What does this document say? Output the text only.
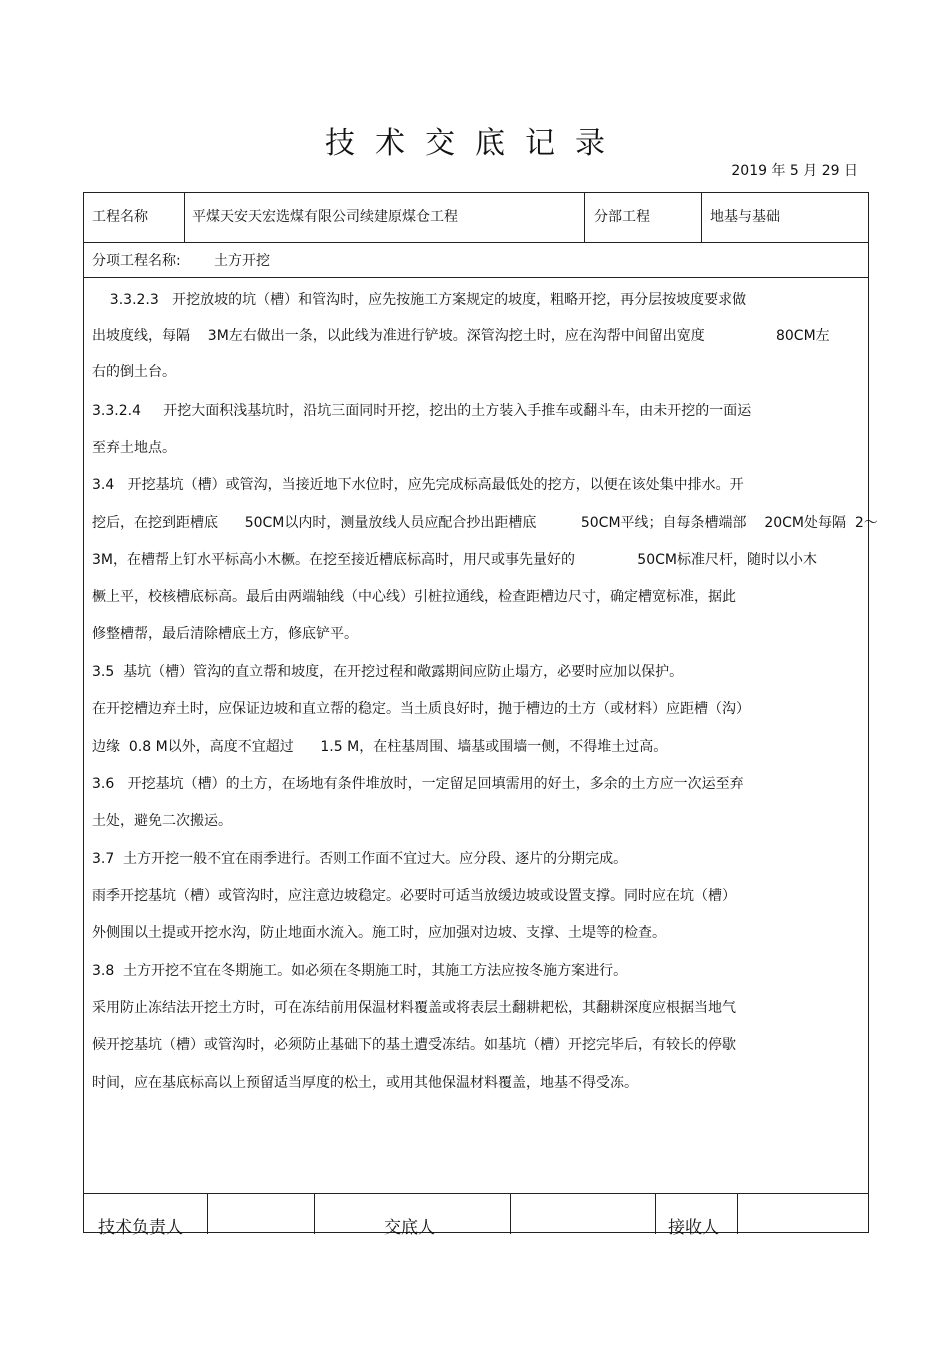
技术交底记录
2019 年 5 月 29 日
工程名称	平煤天安天宏选煤有限公司续建原煤仓工程	分部工程	地基与基础
分项工程名称: 土方开挖
3.3.2.3   开挖放坡的坑（槽）和管沟时，应先按施工方案规定的坡度，粗略开挖，再分层按坡度要求做
出坡度线，每隔    3M左右做出一条，以此线为准进行铲坡。深管沟挖土时，应在沟帮中间留出宽度                80CM左
右的倒土台。
3.3.2.4     开挖大面积浅基坑时，沿坑三面同时开挖，挖出的土方装入手推车或翻斗车，由未开挖的一面运
至弃土地点。
3.4   开挖基坑（槽）或管沟，当接近地下水位时，应先完成标高最低处的挖方，以便在该处集中排水。开
挖后，在挖到距槽底      50CM以内时，测量放线人员应配合抄出距槽底          50CM平线；自每条槽端部    20CM处每隔  2～
3M，在槽帮上钉水平标高小木橛。在挖至接近槽底标高时，用尺或事先量好的              50CM标准尺杆，随时以小木
橛上平，校核槽底标高。最后由两端轴线（中心线）引桩拉通线，检查距槽边尺寸，确定槽宽标准，据此
修整槽帮，最后清除槽底土方，修底铲平。
3.5  基坑（槽）管沟的直立帮和坡度，在开挖过程和敞露期间应防止塌方，必要时应加以保护。
在开挖槽边弃土时，应保证边坡和直立帮的稳定。当土质良好时，抛于槽边的土方（或材料）应距槽（沟）
边缘  0.8 M以外，高度不宜超过      1.5 M，在柱基周围、墙基或围墙一侧，不得堆土过高。
3.6   开挖基坑（槽）的土方，在场地有条件堆放时，一定留足回填需用的好土，多余的土方应一次运至弃
土处，避免二次搬运。
3.7  土方开挖一般不宜在雨季进行。否则工作面不宜过大。应分段、逐片的分期完成。
雨季开挖基坑（槽）或管沟时，应注意边坡稳定。必要时可适当放缓边坡或设置支撑。同时应在坑（槽）
外侧围以土提或开挖水沟，防止地面水流入。施工时，应加强对边坡、支撑、土堤等的检查。
3.8  土方开挖不宜在冬期施工。如必须在冬期施工时，其施工方法应按冬施方案进行。
采用防止冻结法开挖土方时，可在冻结前用保温材料覆盖或将表层土翻耕耙松，其翻耕深度应根据当地气
候开挖基坑（槽）或管沟时，必须防止基础下的基土遭受冻结。如基坑（槽）开挖完毕后，有较长的停歇
时间，应在基底标高以上预留适当厚度的松土，或用其他保温材料覆盖，地基不得受冻。
技术负责人	交底人	接收人
